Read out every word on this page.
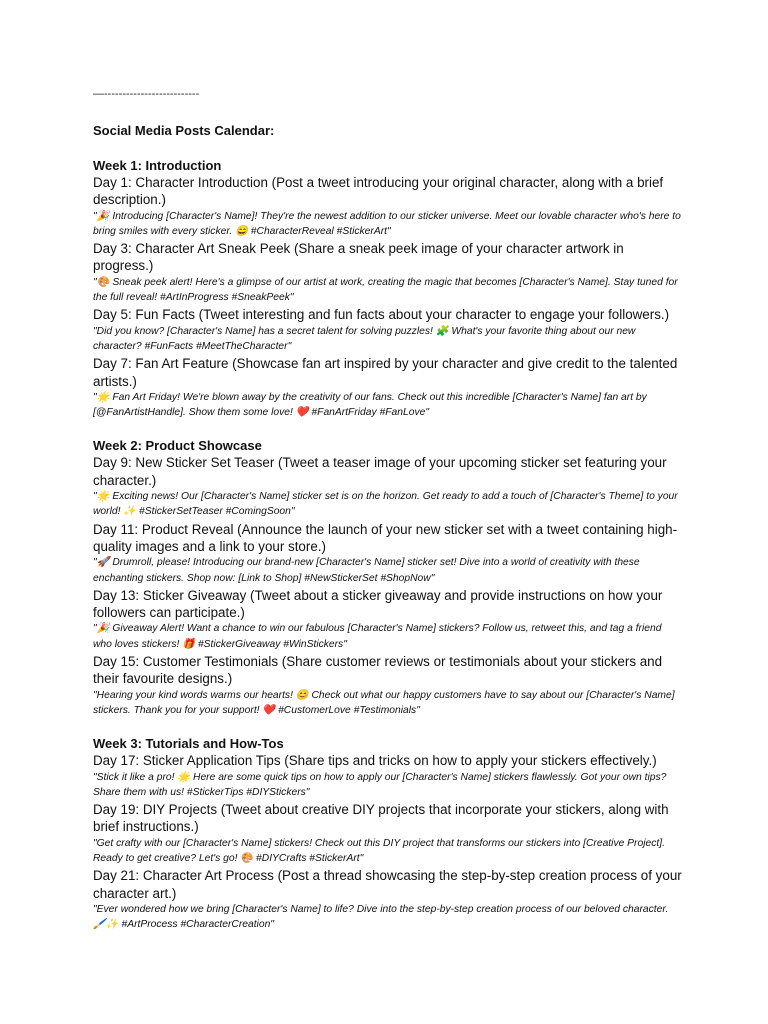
—--------------------------
Social Media Posts Calendar:
Week 1: Introduction
Day 1: Character Introduction (Post a tweet introducing your original character, along with a brief description.)
"🎉 Introducing [Character's Name]! They're the newest addition to our sticker universe. Meet our lovable character who's here to bring smiles with every sticker. 😄 #CharacterReveal #StickerArt"
Day 3: Character Art Sneak Peek (Share a sneak peek image of your character artwork in progress.)
"🎨 Sneak peek alert! Here's a glimpse of our artist at work, creating the magic that becomes [Character's Name]. Stay tuned for the full reveal! #ArtInProgress #SneakPeek"
Day 5: Fun Facts (Tweet interesting and fun facts about your character to engage your followers.)
"Did you know? [Character's Name] has a secret talent for solving puzzles! 🧩 What's your favorite thing about our new character? #FunFacts #MeetTheCharacter"
Day 7: Fan Art Feature (Showcase fan art inspired by your character and give credit to the talented artists.)
"🌟 Fan Art Friday! We're blown away by the creativity of our fans. Check out this incredible [Character's Name] fan art by [@FanArtistHandle]. Show them some love! ❤️ #FanArtFriday #FanLove"
Week 2: Product Showcase
Day 9: New Sticker Set Teaser (Tweet a teaser image of your upcoming sticker set featuring your character.)
"🌟 Exciting news! Our [Character's Name] sticker set is on the horizon. Get ready to add a touch of [Character's Theme] to your world! ✨ #StickerSetTeaser #ComingSoon"
Day 11: Product Reveal (Announce the launch of your new sticker set with a tweet containing high-quality images and a link to your store.)
"🚀 Drumroll, please! Introducing our brand-new [Character's Name] sticker set! Dive into a world of creativity with these enchanting stickers. Shop now: [Link to Shop] #NewStickerSet #ShopNow"
Day 13: Sticker Giveaway (Tweet about a sticker giveaway and provide instructions on how your followers can participate.)
"🎉 Giveaway Alert! Want a chance to win our fabulous [Character's Name] stickers? Follow us, retweet this, and tag a friend who loves stickers! 🎁 #StickerGiveaway #WinStickers"
Day 15: Customer Testimonials (Share customer reviews or testimonials about your stickers and their favourite designs.)
"Hearing your kind words warms our hearts! 😊 Check out what our happy customers have to say about our [Character's Name] stickers. Thank you for your support! ❤️ #CustomerLove #Testimonials"
Week 3: Tutorials and How-Tos
Day 17: Sticker Application Tips (Share tips and tricks on how to apply your stickers effectively.)
"Stick it like a pro! 🌟 Here are some quick tips on how to apply our [Character's Name] stickers flawlessly. Got your own tips? Share them with us! #StickerTips #DIYStickers"
Day 19: DIY Projects (Tweet about creative DIY projects that incorporate your stickers, along with brief instructions.)
"Get crafty with our [Character's Name] stickers! Check out this DIY project that transforms our stickers into [Creative Project]. Ready to get creative? Let's go! 🎨 #DIYCrafts #StickerArt"
Day 21: Character Art Process (Post a thread showcasing the step-by-step creation process of your character art.)
"Ever wondered how we bring [Character's Name] to life? Dive into the step-by-step creation process of our beloved character. 🖌️✨ #ArtProcess #CharacterCreation"
